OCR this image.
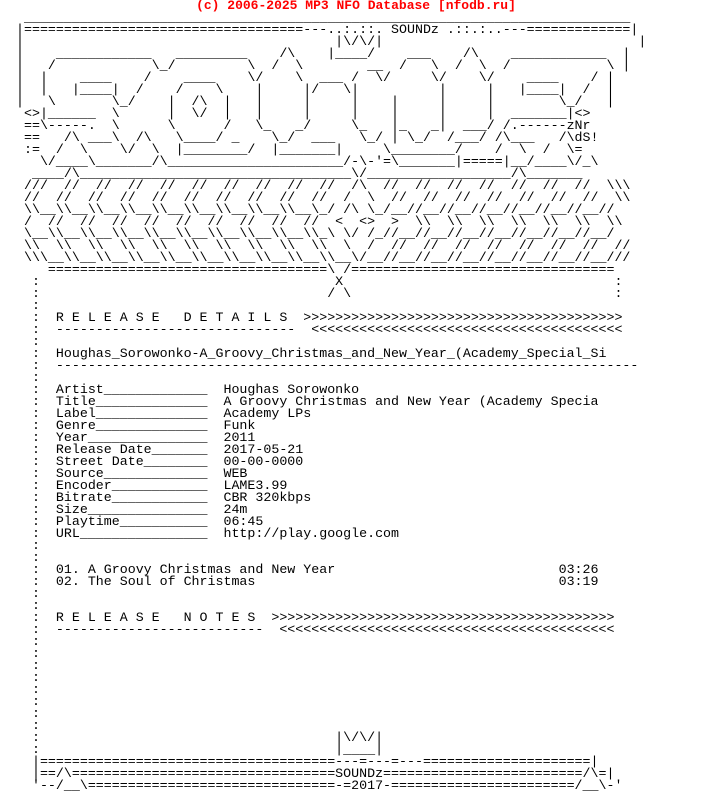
(c) 2006-2025 MP3 NFO Database [nfodb.ru]
____________________________________________________________________________
|===================================---..:.::. SOUNDz .::.:..---=============|
|                                       |\/\/|                                |
|    ____________   _________    /\    |____/    ___    /\    ____________  |
|   /            \_/         \  /  \        __  /   \  /  \  /            \ |
|  |    ____    /    ____    \/    \  ___ /  \/     \/    \/    ____    / |
|  |   |____|  /    /    \    |     |/   \|          |     |   |____|  /  |
|   \       \_/    |  /\  |   |     |     |    |     |     |        \_/   |
<>|______  \      |  \/  |   |     |     |    |     |     |  _______|<>
==\-----.  \      \      /   \_   _/     \_   |_   _|  ___/ /.------zNr
==   /\ ___\  /\   \____/ _    \_/  ___   \_/ | \_/  /___/ /\___   /\dS!
:=  /  \    \/  \  |________/  |_______|     \________/    /  \  /  \=
\/____\_______/\______________________/-\-'=\_______|=====|__/____\/_\
____/\__________________________________\/__________________/\_______
///  //  //  //  //  //  //  //  //  //  /\  //  //  //  //  //  //  //  \\\
//  //  //  //  //  //  //  //  //  //  /  \  //  //  //  //  //  //  //  \\
\\__\\__\\__\\__\\__\\__\\__\\__\\__\_/ /\ \_/__//__//__//__//__//__//__//
/  //  //  //  //  //  //  //  //  //  <  <>  >  \\  \\  \\  \\  \\  \\  \\
\__\\__\\__\\__\\__\\__\\__\\__\\__\\_\ \/ /_//__//__//__//__//__//__//__/
\\  \\  \\  \\  \\  \\  \\  \\  \\  \\  \  /  //  //  //  //  //  //  //  //
\\\__\\__\\__\\__\\__\\__\\__\\__\\__\\__\/__//__//__//__//__//__//__//__///
===================================\ /=================================
:                                     X                                  :
:                                    / \                                 :
:
:  R E L E A S E   D E T A I L S  >>>>>>>>>>>>>>>>>>>>>>>>>>>>>>>>>>>>>>>>
:  ------------------------------  <<<<<<<<<<<<<<<<<<<<<<<<<<<<<<<<<<<<<<<
:
:  Houghas_Sorowonko-A_Groovy_Christmas_and_New_Year_(Academy_Special_Si
:  -------------------------------------------------------------------------
:
:  Artist_____________  Houghas Sorowonko
:  Title______________  A Groovy Christmas and New Year (Academy Specia
:  Label______________  Academy LPs
:  Genre______________  Funk
:  Year_______________  2011
:  Release Date_______  2017-05-21
:  Street Date________  00-00-0000
:  Source_____________  WEB
:  Encoder____________  LAME3.99
:  Bitrate____________  CBR 320kbps
:  Size_______________  24m
:  Playtime___________  06:45
:  URL________________  http://play.google.com
:
:
:  01. A Groovy Christmas and New Year                            03:26
:  02. The Soul of Christmas                                      03:19
:
:
:  R E L E A S E   N O T E S  >>>>>>>>>>>>>>>>>>>>>>>>>>>>>>>>>>>>>>>>>>>
:  --------------------------  <<<<<<<<<<<<<<<<<<<<<<<<<<<<<<<<<<<<<<<<<<
:
:
:
:
:
:
:
:
:                                     |\/\/|
:                                     |____|
|=====================================---=---=---=====================|
|==/\=================================SOUNDz=========================/\=|
'--/__\===============================-=2017-=======================/__\-'
